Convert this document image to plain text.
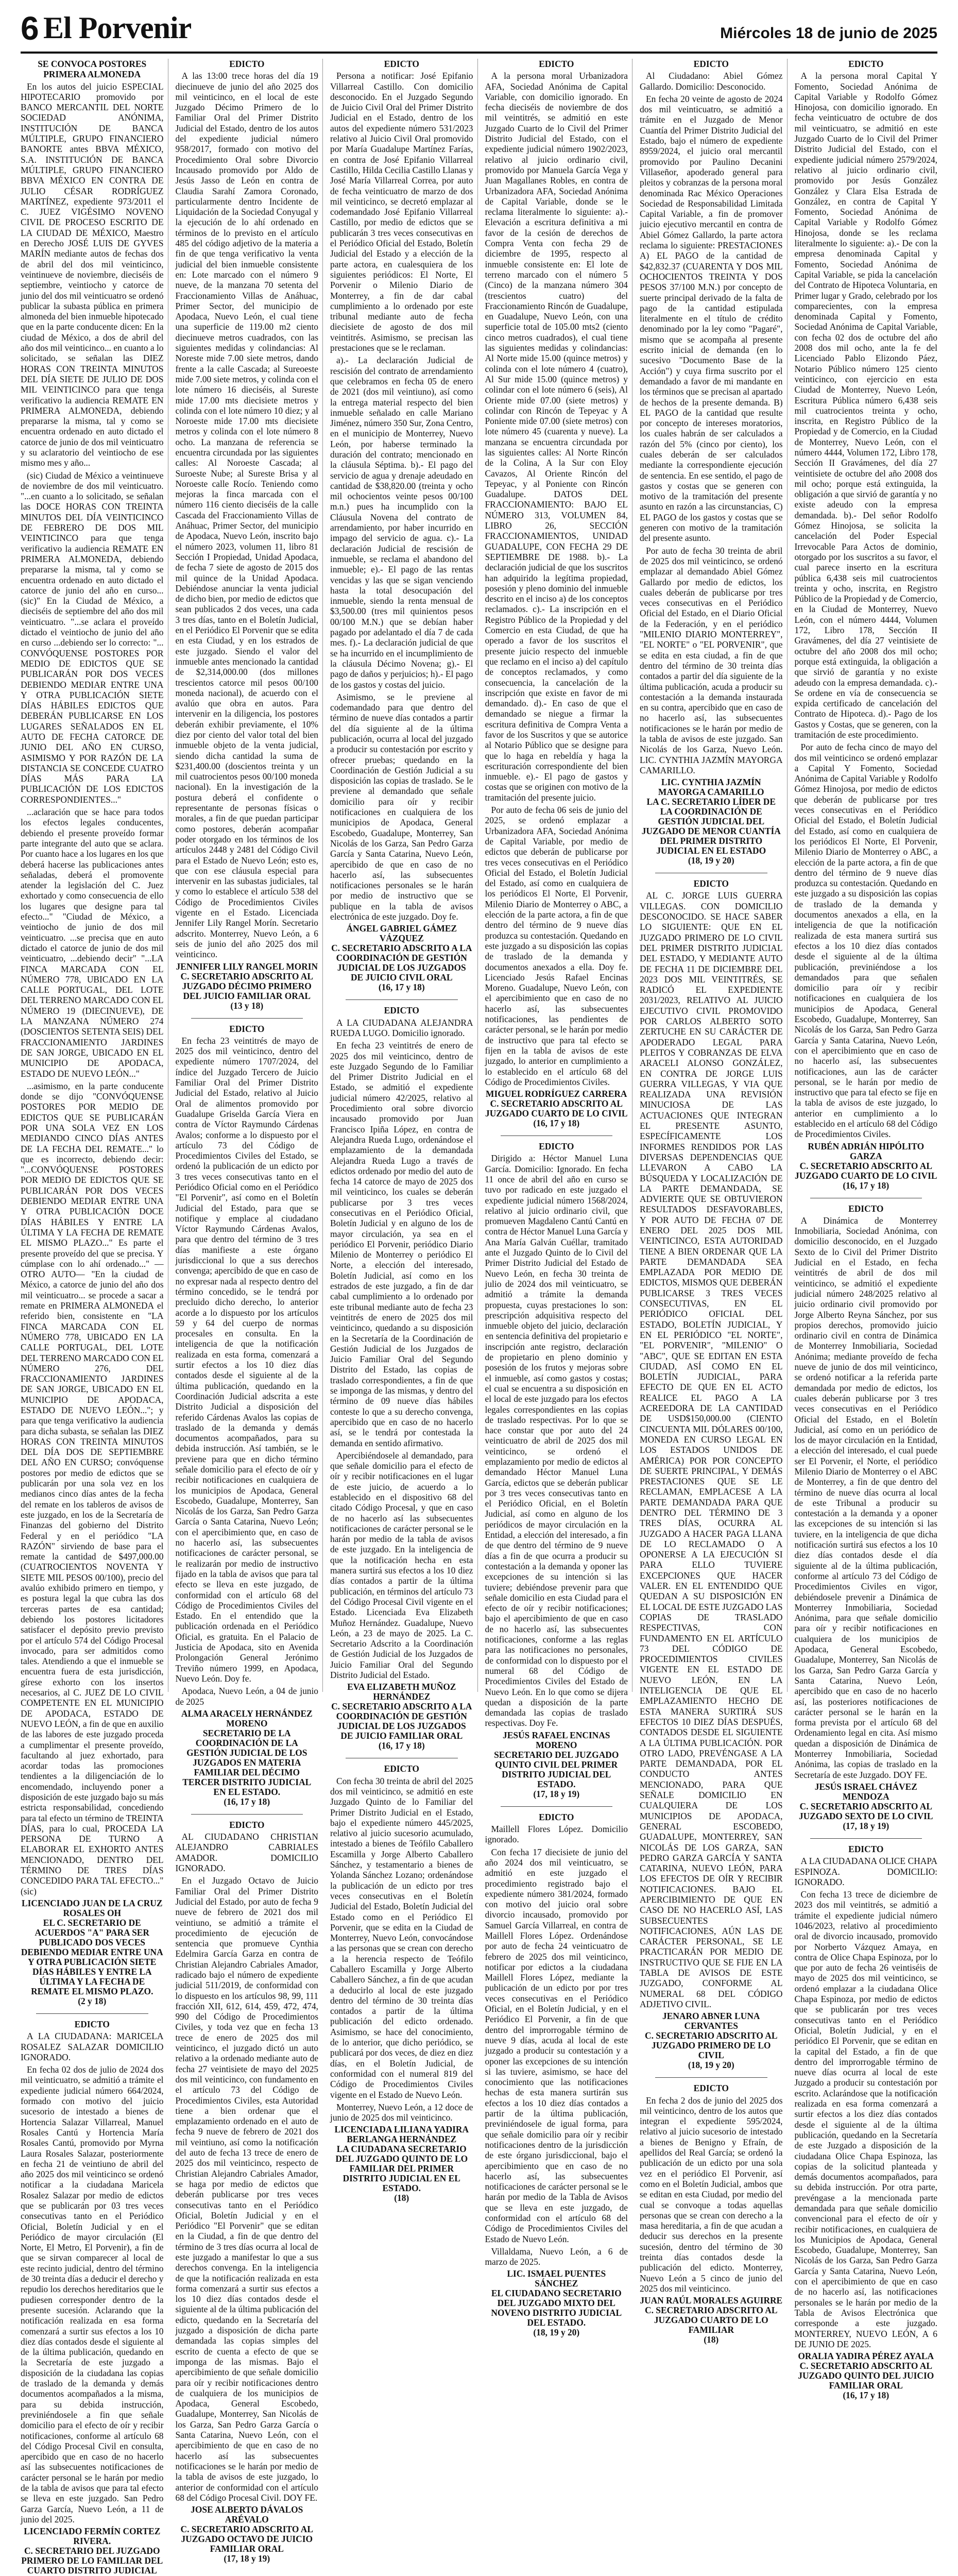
6 El Porvenir	Miércoles 18 de junio de 2025
SE CONVOCA POSTORES PRIMERA ALMONEDA

En los autos del juicio ESPECIAL HIPOTECARIO promovido por BANCO MERCANTIL DEL NORTE SOCIEDAD ANÓNIMA, INSTITUCIÓN DE BANCA MÚLTIPLE, GRUPO FINANCIERO BANORTE antes BBVA MÉXICO, S.A. INSTITUCIÓN DE BANCA MÚLTIPLE, GRUPO FINANCIERO BBVA MÉXICO EN CONTRA DE JULIO CÉSAR RODRÍGUEZ MARTÍNEZ, expediente 973/2011 el C. JUEZ VIGÉSIMO NOVENO CIVIL DE PROCESO ESCRITO DE LA CIUDAD DE MÉXICO, Maestro en Derecho JOSÉ LUIS DE GYVES MARÍN mediante autos de fechas dos de abril del dos mil veinticinco, veintinueve de noviembre, dieciséis de septiembre, veintiocho y catorce de junio del dos mil veinticuatro se ordenó publicar la subasta pública en primera almoneda del bien inmueble hipotecado que en la parte conducente dicen: En la ciudad de México, a dos de abril del año dos mil veinticinco... en cuanto a lo solicitado, se señalan las DIEZ HORAS CON TREINTA MINUTOS DEL DÍA SIETE DE JULIO DE DOS MIL VEINTICINCO para que tenga verificativo la audiencia REMATE EN PRIMERA ALMONEDA, debiendo prepararse la misma, tal y como se encuentra ordenado en auto dictado el catorce de junio de dos mil veinticuatro y su aclaratorio del veintiocho de ese mismo mes y año...

(sic) Ciudad de México a veintinueve de noviembre de dos mil veinticuatro. "...en cuanto a lo solicitado, se señalan las DOCE HORAS CON TREINTA MINUTOS DEL DÍA VEINTICINCO DE FEBRERO DE DOS MIL VEINTICINCO para que tenga verificativo la audiencia REMATE EN PRIMERA ALMONEDA, debiendo prepararse la misma, tal y como se encuentra ordenado en auto dictado el catorce de junio del año en curso...(sic)" En la Ciudad de México, a dieciséis de septiembre del año dos mil veinticuatro. "...se aclara el proveído dictado el veintiocho de junio del año en curso ...debiendo ser lo correcto: "... CONVÓQUENSE POSTORES POR MEDIO DE EDICTOS QUE SE PUBLICARÁN POR DOS VECES DEBIENDO MEDIAR ENTRE UNA Y OTRA PUBLICACIÓN SIETE DÍAS HÁBILES EDICTOS QUE DEBERÁN PUBLICARSE EN LOS LUGARES SEÑALADOS EN EL AUTO DE FECHA CATORCE DE JUNIO DEL AÑO EN CURSO, ASIMISMO Y POR RAZÓN DE LA DISTANCIA SE CONCEDE CUATRO DÍAS MÁS PARA LA PUBLICACIÓN DE LOS EDICTOS CORRESPONDIENTES..."

...aclaración que se hace para todos los efectos legales conducentes, debiendo el presente proveído formar parte integrante del auto que se aclara. Por cuanto hace a los lugares en los que deberá hacerse las publicaciones antes señaladas, deberá el promovente atender la legislación del C. Juez exhortado y como consecuencia de ello los lugares que designe para tal efecto..." "Ciudad de México, a veintiocho de junio de dos mil veinticuatro. ...se precisa que en auto dictado el catorce de junio de dos mil veinticuatro, ...debiendo decir" "...LA FINCA MARCADA CON EL NÚMERO 778, UBICADO EN LA CALLE PORTUGAL, DEL LOTE DEL TERRENO MARCADO CON EL NÚMERO 19 (DIECINUEVE), DE LA MANZANA NÚMERO 274 (DOSCIENTOS SETENTA SEIS) DEL FRACCIONAMIENTO JARDINES DE SAN JORGE, UBICADO EN EL MUNICIPIO DE APODACA, ESTADO DE NUEVO LEÓN..."

...asimismo, en la parte conducente donde se dijo "CONVÓQUENSE POSTORES POR MEDIO DE EDICTOS QUE SE PUBLICARÁN POR UNA SOLA VEZ EN LOS MEDIANDO CINCO DÍAS ANTES DE LA FECHA DEL REMATE..." lo que es incorrecto, debiendo decir: "...CONVÓQUENSE POSTORES POR MEDIO DE EDICTOS QUE SE PUBLICARÁN POR DOS VECES DEBIENDO MEDIAR ENTRE UNA Y OTRA PUBLICACIÓN DOCE DÍAS HÁBILES Y ENTRE LA ÚLTIMA Y LA FECHA DE REMATE EL MISMO PLAZO..." Es parte el presente proveído del que se precisa. Y cúmplase con lo ahí ordenado..." —OTRO AUTO— "En la ciudad de México, a catorce de junio del año dos mil veinticuatro... se procede a sacar a remate en PRIMERA ALMONEDA el referido bien, consistente en "LA FINCA MARCADA CON EL NÚMERO 778, UBICADO EN LA CALLE PORTUGAL, DEL LOTE DEL TERRENO MARCADO CON EL NÚMERO 276, DEL FRACCIONAMIENTO JARDINES DE SAN JORGE, UBICADO EN EL MUNICIPIO DE APODACA, ESTADO DE NUEVO LEÓN..."; y para que tenga verificativo la audiencia para dicha subasta, se señalan las DIEZ HORAS CON TREINTA MINUTOS DEL DÍA DOS DE SEPTIEMBRE DEL AÑO EN CURSO; convóquense postores por medio de edictos que se publicarán por una sola vez en los medianos cinco días antes de la fecha del remate en los tableros de avisos de este juzgado, en los de la Secretaría de Finanzas del gobierno del Distrito Federal y en el periódico "LA RAZÓN" sirviendo de base para el remate la cantidad de $497,000.00 (CUATROCIENTOS NOVENTA Y SIETE MIL PESOS 00/100), precio del avalúo exhibido primero en tiempo, y es postura legal la que cubra las dos terceras partes de esa cantidad; debiendo los postores licitadores satisfacer el depósito previo previsto por el artículo 574 del Código Procesal invocado, para ser admitidos como tales. Atendiendo a que el inmueble se encuentra fuera de esta jurisdicción, gírese exhorto con los insertos necesarios, al C. JUEZ DE LO CIVIL COMPETENTE EN EL MUNICIPIO DE APODACA, ESTADO DE NUEVO LEÓN, a fin de que en auxilio de las labores de este juzgado proceda a cumplimentar el presente proveído, facultando al juez exhortado, para acordar todas las promociones tendientes a la diligenciación de lo encomendado, incluyendo poner a disposición de este juzgado bajo su más estricta responsabilidad, concediendo para tal efecto un término de TREINTA DÍAS, para lo cual, PROCEDA LA PERSONA DE TURNO A ELABORAR EL EXHORTO ANTES MENCIONADO, DENTRO DEL TÉRMINO DE TRES DÍAS CONCEDIDO PARA TAL EFECTO..."(sic)

LICENCIADO JUAN DE LA CRUZ ROSALES OH
EL C. SECRETARIO DE ACUERDOS "A" PARA SER PUBLICADO DOS VECES DEBIENDO MEDIAR ENTRE UNA Y OTRA PUBLICACIÓN SIETE DÍAS HÁBILES Y ENTRE LA ÚLTIMA Y LA FECHA DE REMATE EL MISMO PLAZO.
(2 y 18)
EDICTO

A LA CIUDADANA: MARICELA ROSALEZ SALAZAR DOMICILIO IGNORADO.

En fecha 02 dos de julio de 2024 dos mil veinticuatro, se admitió a trámite el expediente judicial número 664/2024, formado con motivo del juicio sucesorio de intestado a bienes de Hortencia Salazar Villarreal, Manuel Rosales Cantú y Hortencia María Rosales Cantú, promovido por Myrna Laura Rosales Salazar, posteriormente en fecha 21 de veintiuno de abril del año 2025 dos mil veinticinco se ordenó notificar a la ciudadana Maricela Rosalez Salazar por medio de edictos que se publicarán por 03 tres veces consecutivas tanto en el Periódico Oficial, Boletín Judicial y en el Periódico de mayor circulación (El Norte, El Metro, El Porvenir), a fin de que se sirvan comparecer al local de este recinto judicial, dentro del término de 30 treinta días a deducir el derecho y repudio los derechos hereditarios que le pudiesen corresponder dentro de la presente sucesión. Aclarando que la notificación realizada en esa forma comenzará a surtir sus efectos a los 10 diez días contados desde el siguiente al de la última publicación, quedando en la Secretaría de este juzgado a disposición de la ciudadana las copias de traslado de la demanda y demás documentos acompañados a la misma, para su debida instrucción, previniéndosele a fin que señale domicilio para el efecto de oír y recibir notificaciones, conforme al artículo 68 del Código Procesal Civil en consulta, apercibido que en caso de no hacerlo así las subsecuentes notificaciones de carácter personal se le harán por medio de la tabla de avisos que para tal efecto se lleva en este juzgado. San Pedro Garza García, Nuevo León, a 11 de junio del 2025.

LICENCIADO FERMÍN CORTEZ RIVERA.
C. SECRETARIO DEL JUZGADO PRIMERO DE LO FAMILIAR DEL CUARTO DISTRITO JUDICIAL
EDICTO

A las 13:00 trece horas del día 19 diecinueve de junio del año 2025 dos mil veinticinco, en el local de este Juzgado Décimo Primero de lo Familiar Oral del Primer Distrito Judicial del Estado, dentro de los autos del expediente judicial número 958/2017, formado con motivo del Procedimiento Oral sobre Divorcio Incausado promovido por Aldo de Jesús Jasso de León en contra de Claudia Sarahí Zamora Coronado, particularmente dentro Incidente de Liquidación de la Sociedad Conyugal y la ejecución de lo ahí ordenado en términos de lo previsto en el artículo 485 del código adjetivo de la materia a fin de que tenga verificativo la venta judicial del bien inmueble consistente en: Lote marcado con el número 9 nueve, de la manzana 70 setenta del Fraccionamiento Villas de Anáhuac, Primer Sector, del municipio de Apodaca, Nuevo León, el cual tiene una superficie de 119.00 m2 ciento diecinueve metros cuadrados, con las siguientes medidas y colindancias: Al Noreste mide 7.00 siete metros, dando frente a la calle Cascada; al Sureoeste mide 7.00 siete metros, y colinda con el lote número 16 dieciséis, al Sureste mide 17.00 mts diecisiete metros y colinda con el lote número 10 diez; y al Noroeste mide 17.00 mts diecisiete metros y colinda con el lote número 8 ocho. La manzana de referencia se encuentra circundada por las siguientes calles: Al Noroeste Cascada; al Suroeste Nube; al Sureste Brisa y al Noroeste calle Rocío. Teniendo como mejoras la finca marcada con el número 116 ciento dieciséis de la calle Cascada del Fraccionamiento Villas de Anáhuac, Primer Sector, del municipio de Apodaca, Nuevo León, inscrito bajo el número 2023, volumen 11, libro 81 Sección I Propiedad, Unidad Apodaca, de fecha 7 siete de agosto de 2015 dos mil quince de la Unidad Apodaca. Debiéndose anunciar la venta judicial de dicho bien, por medio de edictos que sean publicados 2 dos veces, una cada 3 tres días, tanto en el Boletín Judicial, en el Periódico El Porvenir que se edita en esta Ciudad, y en los estrados de este juzgado. Siendo el valor del inmueble antes mencionado la cantidad de $2,314,000.00 (dos millones trescientos catorce mil pesos 00/100 moneda nacional), de acuerdo con el avalúo que obra en autos. Para intervenir en la diligencia, los postores deberán exhibir previamente, el 10% diez por ciento del valor total del bien inmueble objeto de la venta judicial, siendo dicha cantidad la suma de $231,400.00 (doscientos treinta y un mil cuatrocientos pesos 00/100 moneda nacional). En la investigación de la postura deberá el confidente o representante de personas físicas o morales, a fin de que puedan participar como postores, deberán acompañar poder otorgado en los términos de los artículos 2448 y 2481 del Código Civil para el Estado de Nuevo León; esto es, que con ese cláusula especial para intervenir en las subastas judiciales, tal y como lo establece el artículo 538 del Código de Procedimientos Civiles vigente en el Estado. Licenciada Jennifer Lily Rangel Morín. Secretario adscrito. Monterrey, Nuevo León, a 6 seis de junio del año 2025 dos mil veinticinco.

JENNIFER LILY RANGEL MORIN
C. SECRETARIO ADSCRITO AL JUZGADO DÉCIMO PRIMERO DEL JUICIO FAMILIAR ORAL
(13 y 18)
EDICTO

En fecha 23 veintitrés de mayo de 2025 dos mil veinticinco, dentro del expediente número 1707/2024, del índice del Juzgado Tercero de Juicio Familiar Oral del Primer Distrito Judicial del Estado, relativo al Juicio Oral de alimentos promovido por Guadalupe Griselda García Viera en contra de Víctor Raymundo Cárdenas Avalos; conforme a lo dispuesto por el artículo 73 del Código de Procedimientos Civiles del Estado, se ordenó la publicación de un edicto por 3 tres veces consecutivas tanto en el Periódico Oficial como en el Periódico "El Porvenir", así como en el Boletín Judicial del Estado, para que se notifique y emplace al ciudadano Víctor Raymundo Cárdenas Avalos, para que dentro del término de 3 tres días manifieste a este órgano jurisdiccional lo que a sus derechos convenga; apercibido de que en caso de no expresar nada al respecto dentro del término concedido, se le tendrá por precluido dicho derecho, lo anterior acorde a lo dispuesto por los artículos 59 y 64 del cuerpo de normas procesales en consulta. En la inteligencia de que la notificación realizada en esta forma, comenzará a surtir efectos a los 10 diez días contados desde el siguiente al de la última publicación, quedando en la Coordinación Judicial adscrita a este Distrito Judicial a disposición del referido Cárdenas Avalos las copias de traslado de la demanda y demás documentos acompañados, para su debida instrucción. Así también, se le previene para que en dicho término señale domicilio para el efecto de oír y recibir notificaciones en cualquiera de los municipios de Apodaca, General Escobedo, Guadalupe, Monterrey, San Nicolás de los Garza, San Pedro Garza García o Santa Catarina, Nuevo León; con el apercibimiento que, en caso de no hacerlo así, las subsecuentes notificaciones de carácter personal, se le realizarán por medio de instructivo fijado en la tabla de avisos que para tal efecto se lleva en este juzgado, de conformidad con el artículo 68 del Código de Procedimientos Civiles del Estado. En el entendido que la publicación ordenada en el Periódico Oficial, es gratuita. En el Palacio de Justicia de Apodaca, sito en Avenida Prolongación General Jerónimo Treviño número 1999, en Apodaca, Nuevo León. Doy fe.

Apodaca, Nuevo León, a 04 de junio de 2025

ALMA ARACELY HERNÁNDEZ MORENO
SECRETARIO DE LA COORDINACIÓN DE LA GESTIÓN JUDICIAL DE LOS JUZGADOS EN MATERIA FAMILIAR DEL DÉCIMO TERCER DISTRITO JUDICIAL EN EL ESTADO.
(16, 17 y 18)
EDICTO

AL CIUDADANO CHRISTIAN ALEJANDRO CABRIALES AMADOR. DOMICILIO IGNORADO.

En el Juzgado Octavo de Juicio Familiar Oral del Primer Distrito Judicial del Estado, por auto de fecha 9 nueve de febrero de 2021 dos mil veintiuno, se admitió a trámite el procedimiento de ejecución de sentencia que promueve Cynthia Edelmira García Garza en contra de Christian Alejandro Cabriales Amador, radicado bajo el número de expediente judicial 511/2019, de conformidad con lo dispuesto en los artículos 98, 99, 111 fracción XII, 612, 614, 459, 472, 474, 990 del Código de Procedimientos Civiles, y toda vez que en fecha 13 trece de enero de 2025 dos mil veinticinco, el juzgado dictó un auto relativo a la ordenado mediante auto de fecha 27 veintisiete de mayo del 2025 dos mil veinticinco, con fundamento en el artículo 73 del Código de Procedimientos Civiles, esta Autoridad tiene a bien ordenar que el emplazamiento ordenado en el auto de fecha 9 nueve de febrero de 2021 dos mil veintiuno, así como la notificación del auto de fecha 13 trece de enero de 2025 dos mil veinticinco, respecto de Christian Alejandro Cabriales Amador, se haga por medio de edictos que deberán publicarse por tres veces consecutivas tanto en el Periódico Oficial, Boletín Judicial y en el Periódico "El Porvenir" que se editan en la Ciudad, a fin de que dentro del término de 3 tres días ocurra al local de este juzgado a manifestar lo que a sus derechos convenga. En la inteligencia de que la notificación realizada en esta forma comenzará a surtir sus efectos a los 10 diez días contados desde el siguiente al de la última publicación del edicto, quedando en la Secretaría del juzgado a disposición de dicha parte demandada las copias simples del escrito de cuenta a efecto de que se imponga de las mismas. Bajo el apercibimiento de que señale domicilio para oír y recibir notificaciones dentro de cualquiera de los municipios de Apodaca, General Escobedo, Guadalupe, Monterrey, San Nicolás de los Garza, San Pedro Garza García o Santa Catarina, Nuevo León, con el apercibimiento de que en caso de no hacerlo así las subsecuentes notificaciones se le harán por medio de la tabla de avisos de este juzgado, lo anterior de conformidad con el artículo 68 del Código Procesal Civil. DOY FE.

JOSE ALBERTO DÁVALOS ARÉVALO
C. SECRETARIO ADSCRITO AL JUZGADO OCTAVO DE JUICIO FAMILIAR ORAL
(17, 18 y 19)
EDICTO

Persona a notificar: José Epifanio Villarreal Castillo. Con domicilio desconocido. En el Juzgado Segundo de Juicio Civil Oral del Primer Distrito Judicial en el Estado, dentro de los autos del expediente número 531/2023 relativo al Juicio Civil Oral promovido por María Guadalupe Martínez Farías, en contra de José Epifanio Villarreal Castillo, Hilda Cecilia Castillo Llanas y José María Villarreal Correa, por auto de fecha veinticuatro de marzo de dos mil veinticinco, se decretó emplazar al codemandado José Epifanio Villarreal Castillo, por medio de edictos que se publicarán 3 tres veces consecutivas en el Periódico Oficial del Estado, Boletín Judicial del Estado y a elección de la parte actora, en cualesquiera de los siguientes periódicos: El Norte, El Porvenir o Milenio Diario de Monterrey, a fin de dar cabal cumplimiento a lo ordenado por este tribunal mediante auto de fecha diecisiete de agosto de dos mil veintitrés. Asimismo, se precisan las prestaciones que se le reclaman.

a).- La declaración Judicial de rescisión del contrato de arrendamiento que celebramos en fecha 05 de enero de 2021 (dos mil veintiuno), así como la entrega material respecto del bien inmueble señalado en calle Mariano Jiménez, número 350 Sur, Zona Centro, en el municipio de Monterrey, Nuevo León, por haberse terminado la duración del contrato; mencionado en la cláusula Séptima. b).- El pago del servicio de agua y drenaje adeudado en cantidad de $38,820.00 (treinta y ocho mil ochocientos veinte pesos 00/100 m.n.) pues ha incumplido con la Cláusula Novena del contrato de arrendamiento, por haber incurrido en impago del servicio de agua. c).- La declaración Judicial de rescisión de inmueble, se reclama el abandono del inmueble; e).- El pago de las rentas vencidas y las que se sigan venciendo hasta la total desocupación del inmueble, siendo la renta mensual de $3,500.00 (tres mil quinientos pesos 00/100 M.N.) que se debían haber pagado por adelantado el día 7 de cada mes. f).- La declaración judicial de que se ha incurrido en el incumplimiento de la cláusula Décimo Novena; g).- El pago de daños y perjuicios; h).- El pago de los gastos y costas del juicio.

Asimismo, se le previene al codemandado para que dentro del término de nueve días contados a partir del día siguiente al de la última publicación, ocurra al local del juzgado a producir su contestación por escrito y ofrecer pruebas; quedando en la Coordinación de Gestión Judicial a su disposición las copias de traslado. Se le previene al demandado que señale domicilio para oír y recibir notificaciones en cualquiera de los municipios de Apodaca, General Escobedo, Guadalupe, Monterrey, San Nicolás de los Garza, San Pedro Garza García y Santa Catarina, Nuevo León, apercibido de que en caso de no hacerlo así, las subsecuentes notificaciones personales se le harán por medio de instructivo que se publique en la tabla de avisos electrónica de este juzgado. Doy fe.

ÁNGEL GABRIEL GÁMEZ VÁZQUEZ
C. SECRETARIO ADSCRITO A LA COORDINACIÓN DE GESTIÓN JUDICIAL DE LOS JUZGADOS DE JUICIO CIVIL ORAL
(16, 17 y 18)
EDICTO

A LA CIUDADANA ALEJANDRA RUEDA LUGO. Domicilio ignorado.

En fecha 23 veintitrés de enero de 2025 dos mil veinticinco, dentro de este Juzgado Segundo de lo Familiar del Primer Distrito Judicial en el Estado, se admitió el expediente judicial número 42/2025, relativo al Procedimiento oral sobre divorcio incausado promovido por Juan Francisco Ipiña López, en contra de Alejandra Rueda Lugo, ordenándose el emplazamiento de la demandada Alejandra Rueda Lugo a través de edictos ordenado por medio del auto de fecha 14 catorce de mayo de 2025 dos mil veinticinco, los cuales se deberán publicarse por 3 tres veces consecutivas en el Periódico Oficial, Boletín Judicial y en alguno de los de mayor circulación, ya sea en el periódico El Porvenir, periódico Diario Milenio de Monterrey o periódico El Norte, a elección del interesado, Boletín Judicial, así como en los estrados de este juzgado, a fin de dar cabal cumplimiento a lo ordenado por este tribunal mediante auto de fecha 23 veintitrés de enero de 2025 dos mil veinticinco, quedando a su disposición en la Secretaría de la Coordinación de Gestión Judicial de los Juzgados de Juicio Familiar Oral del Segundo Distrito del Estado, las copias de traslado correspondientes, a fin de que se imponga de las mismas, y dentro del término de 09 nueve días hábiles conteste lo que a su derecho convenga, apercibido que en caso de no hacerlo así, se le tendrá por contestada la demanda en sentido afirmativo.

Apercibiéndosele al demandado, para que señale domicilio para el efecto de oír y recibir notificaciones en el lugar de este juicio, de acuerdo a lo establecido en el dispositivo 68 del citado Código Procesal, y que en caso de no hacerlo así las subsecuentes notificaciones de carácter personal se le harán por medio de la tabla de avisos de este juzgado. En la inteligencia de que la notificación hecha en esta manera surtirá sus efectos a los 10 diez días contados a partir de la última publicación, en términos del artículo 73 del Código Procesal Civil vigente en el Estado. Licenciada Eva Elizabeth Muñoz Hernández. Guadalupe, Nuevo León, a 23 de mayo de 2025. La C. Secretario Adscrito a la Coordinación de Gestión Judicial de los Juzgados de Juicio Familiar Oral del Segundo Distrito Judicial del Estado.

EVA ELIZABETH MUÑOZ HERNÁNDEZ
C. SECRETARIO ADSCRITO A LA COORDINACIÓN DE GESTIÓN JUDICIAL DE LOS JUZGADOS DE JUICIO FAMILIAR ORAL
(16, 17 y 18)
EDICTO

Con fecha 30 treinta de abril del 2025 dos mil veinticinco, se admitió en este Juzgado Quinto de lo Familiar del Primer Distrito Judicial en el Estado, bajo el expediente número 445/2025, relativo al juicio sucesorio acumulado, intestado a bienes de Teófilo Caballero Escamilla y Jorge Alberto Caballero Sánchez, y testamentario a bienes de Yolanda Sánchez Lozano; ordenándose la publicación de un edicto por tres veces consecutivas en el Boletín Judicial del Estado, Boletín Judicial del Estado como en el Periódico El Porvenir, que se edita en la Ciudad de Monterrey, Nuevo León, convocándose a las personas que se crean con derecho a la herencia respecto de Teófilo Caballero Escamilla y Jorge Alberto Caballero Sánchez, a fin de que acudan a deducirlo al local de este juzgado dentro del término de 30 treinta días contados a partir de la última publicación del edicto ordenado. Asimismo, se hace del conocimiento, de lo anterior, que dicho periódico, se publicará por dos veces, de diez en diez días, en el Boletín Judicial, de conformidad con el numeral 819 del Código de Procedimientos Civiles vigente en el Estado de Nuevo León.

Monterrey, Nuevo León, a 12 doce de junio de 2025 dos mil veinticinco.

LICENCIADA LILIANA YADIRA BERLANGA HERNÁNDEZ
LA CIUDADANA SECRETARIO DEL JUZGADO QUINTO DE LO FAMILIAR DEL PRIMER DISTRITO JUDICIAL EN EL ESTADO.
(18)
EDICTO

A la persona moral Urbanizadora AFA, Sociedad Anónima de Capital Variable, con domicilio ignorado. En fecha dieciséis de noviembre de dos mil veintitrés, se admitió en este Juzgado Cuarto de lo Civil del Primer Distrito Judicial del Estado, con el expediente judicial número 1902/2023, relativo al juicio ordinario civil, promovido por Manuela García Vega y Juan Magallanes Robles, en contra de Urbanizadora AFA, Sociedad Anónima de Capital Variable, donde se le reclama literalmente lo siguiente: a).- Elevación a escritura definitiva a mi favor de la cesión de derechos de Compra Venta con fecha 29 de diciembre de 1995, respecto al inmueble consistente en: El lote de terreno marcado con el número 5 (Cinco) de la manzana número 304 (trescientos cuatro) del Fraccionamiento Rincón de Guadalupe, en Guadalupe, Nuevo León, con una superficie total de 105.00 mts2 (ciento cinco metros cuadrados), el cual tiene las siguientes medidas y colindancias: Al Norte mide 15.00 (quince metros) y colinda con el lote número 4 (cuatro), Al Sur mide 15.00 (quince metros) y colindar con el lote número 6 (seis), Al Oriente mide 07.00 (siete metros) y colindar con Rincón de Tepeyac y A Poniente mide 07.00 (siete metros) con lote número 45 (cuarenta y nueve). La manzana se encuentra circundada por las siguientes calles: Al Norte Rincón de la Colina, A la Sur con Eloy Cavazos, Al Oriente Rincón del Tepeyac, y al Poniente con Rincón Guadalupe. DATOS DEL FRACCIONAMIENTO: BAJO EL NÚMERO 313, VOLUMEN 84, LIBRO 26, SECCIÓN FRACCIONAMIENTOS, UNIDAD GUADALUPE, CON FECHA 29 DE SEPTIEMBRE DE 1988. b).- La declaración judicial de que los suscritos han adquirido la legítima propiedad, posesión y pleno dominio del inmueble descrito en el inciso a) de los conceptos reclamados. c).- La inscripción en el Registro Público de la Propiedad y del Comercio en esta Ciudad, de que ha operado a favor de los suscritos el presente juicio respecto del inmueble que reclamo en el inciso a) del capítulo de conceptos reclamados, y como consecuencia, la cancelación de la inscripción que existe en favor de mi demandado. d).- En caso de que el demandado se niegue a firmar la escritura definitiva de Compra Venta a favor de los Suscritos y que se autorice al Notario Público que se designe para que lo haga en rebeldía y haga la escrituración correspondiente del bien inmueble. e).- El pago de gastos y costas que se originen con motivo de la tramitación del presente juicio.

Por auto de fecha 06 seis de junio del 2025, se ordenó emplazar a Urbanizadora AFA, Sociedad Anónima de Capital Variable, por medio de edictos que deberán de publicarse por tres veces consecutivas en el Periódico Oficial del Estado, el Boletín Judicial del Estado, así como en cualquiera de los periódicos El Norte, El Porvenir, Milenio Diario de Monterrey o ABC, a elección de la parte actora, a fin de que dentro del término de 9 nueve días produzca su contestación. Quedando en este juzgado a su disposición las copias de traslado de la demanda y documentos anexados a ella. Doy fe. Licenciado Jesús Rafael Encinas Moreno. Guadalupe, Nuevo León, con el apercibimiento que en caso de no hacerlo así, las subsecuentes notificaciones, las pendientes de carácter personal, se le harán por medio de instructivo que para tal efecto se fijen en la tabla de avisos de este juzgado, lo anterior en cumplimiento a lo establecido en el artículo 68 del Código de Procedimientos Civiles.

MIGUEL RODRÍGUEZ CARRERA
C. SECRETARIO ADSCRITO AL JUZGADO CUARTO DE LO CIVIL
(16, 17 y 18)
EDICTO

Dirigido a: Héctor Manuel Luna García. Domicilio: Ignorado. En fecha 11 once de abril del año en curso se tuvo por radicado en este juzgado el expediente judicial número 1568/2024, relativo al juicio ordinario civil, que promueven Magdaleno Cantú Cantú en contra de Héctor Manuel Luna García y Ana María Galván Cuéllar, tramitado ante el Juzgado Quinto de lo Civil del Primer Distrito Judicial del Estado de Nuevo León, en fecha 30 treinta de julio de 2024 dos mil veinticuatro, se admitió a trámite la demanda propuesta, cuyas prestaciones lo son: prescripción adquisitiva respecto del inmueble objeto del juicio, declaración en sentencia definitiva del propietario e inscripción ante registro, declaración de propietario en pleno dominio y posesión de los frutos y mejoras sobre el inmueble, así como gastos y costas; el cual se encuentra a su disposición en el local de este juzgado para los efectos legales correspondientes en las copias de traslado respectivas. Por lo que se hace constar que por auto del 24 veinticuatro de abril de 2025 dos mil veinticinco, se ordenó el emplazamiento por medio de edictos al demandado Héctor Manuel Luna García, edictos que se deberán publicar por 3 tres veces consecutivas tanto en el Periódico Oficial, en el Boletín Judicial, así como en alguno de los periódicos de mayor circulación en la Entidad, a elección del interesado, a fin de que dentro del término de 9 nueve días a fin de que ocurra a producir su contestación a la demanda y oponer las excepciones de su intención si las tuviere; debiéndose prevenir para que señale domicilio en esta Ciudad para el efecto de oír y recibir notificaciones; bajo el apercibimiento de que en caso de no hacerlo así, las subsecuentes notificaciones, conforme a las reglas para las notificaciones no personales, de conformidad con lo dispuesto por el numeral 68 del Código de Procedimientos Civiles del Estado de Nuevo León. En lo que como se dijera quedan a disposición de la parte demandada las copias de traslado respectivas. Doy Fe.

JESÚS RAFAEL ENCINAS MORENO
SECRETARIO DEL JUZGADO QUINTO CIVIL DEL PRIMER DISTRITO JUDICIAL DEL ESTADO.
(17, 18 y 19)
EDICTO

Maillell Flores López. Domicilio ignorado.

Con fecha 17 diecisiete de junio del año 2024 dos mil veinticuatro, se admitió en este juzgado el procedimiento registrado bajo el expediente número 381/2024, formado con motivo del juicio oral sobre divorcio incausado, promovido por Samuel García Villarreal, en contra de Maillell Flores López. Ordenándose por auto de fecha 24 veinticuatro de febrero de 2025 dos mil veinticinco, notificar por edictos a la ciudadana Maillell Flores López, mediante la publicación de un edicto por por tres veces consecutivas en el Periódico Oficial, en el Boletín Judicial, y en el Periódico El Porvenir, a fin de que dentro del improrrogable término de nueve 9 días, acuda al local de este juzgado a producir su contestación y a oponer las excepciones de su intención si las tuviere, asimismo, se hace del conocimiento que las notificaciones hechas de esta manera surtirán sus efectos a los 10 diez días contados a partir de la última publicación, previniéndosele de igual forma, para que señale domicilio para oír y recibir notificaciones dentro de la jurisdicción de este órgano jurisdiccional, bajo el apercibimiento que en caso de no hacerlo así, las subsecuentes notificaciones de carácter personal se le harán por medio de la Tabla de Avisos que se lleva en este juzgado, de conformidad con el artículo 68 del Código de Procedimientos Civiles del Estado de Nuevo León.

Villaldama, Nuevo León, a 6 de marzo de 2025.

LIC. ISMAEL PUENTES SÁNCHEZ
EL CIUDADANO SECRETARIO DEL JUZGADO MIXTO DEL NOVENO DISTRITO JUDICIAL DEL ESTADO.
(18, 19 y 20)
EDICTO

Al Ciudadano: Abiel Gómez Gallardo. Domicilio: Desconocido.

En fecha 20 veinte de agosto de 2024 dos mil veinticuatro, se admitió a trámite en el Juzgado de Menor Cuantía del Primer Distrito Judicial del Estado, bajo el número de expediente 8959/2024, el juicio oral mercantil promovido por Paulino Decanini Villaseñor, apoderado general para pleitos y cobranzas de la persona moral denominada Rac México Operaciones Sociedad de Responsabilidad Limitada Capital Variable, a fin de promover juicio ejecutivo mercantil en contra de Abiel Gómez Gallardo, la parte actora reclama lo siguiente: PRESTACIONES A) EL PAGO de la cantidad de $42,832.37 (CUARENTA Y DOS MIL OCHOCIENTOS TREINTA Y DOS PESOS 37/100 M.N.) por concepto de suerte principal derivado de la falta de pago de la cantidad estipulada literalmente en el título de crédito denominado por la ley como "Pagaré", mismo que se acompaña al presente escrito inicial de demanda (en lo sucesivo "Documento Base de la Acción") y cuya firma suscrito por el demandado a favor de mi mandante en los términos que se precisan al apartado de hechos de la presente demanda. B) EL PAGO de la cantidad que resulte por concepto de intereses moratorios, los cuales habrán de ser calculados a razón del 5% (cinco por ciento), los cuales deberán de ser calculados mediante la correspondiente ejecución de sentencia. En ese sentido, el pago de gastos y costas que se generen con motivo de la tramitación del presente asunto en razón a las circunstancias, C) EL PAGO de los gastos y costas que se generen con motivo de la tramitación del presente asunto.

Por auto de fecha 30 treinta de abril de 2025 dos mil veinticinco, se ordenó emplazar al demandado Abiel Gómez Gallardo por medio de edictos, los cuales deberán de publicarse por tres veces consecutivas en el Periódico Oficial del Estado, en el Diario Oficial de la Federación, y en el periódico "MILENIO DIARIO MONTERREY", "EL NORTE" o "EL PORVENIR", que se edita en esta ciudad, a fin de que dentro del término de 30 treinta días contados a partir del día siguiente de la última publicación, acuda a producir su contestación a la demanda instaurada en su contra, apercibido que en caso de no hacerlo así, las subsecuentes notificaciones se le harán por medio de la tabla de avisos de este juzgado. San Nicolás de los Garza, Nuevo León. LIC. CYNTHIA JAZMÍN MAYORGA CAMARILLO.

LIC. CYNTHIA JAZMÍN MAYORGA CAMARILLO
LA C. SECRETARIO LÍDER DE LA COORDINACIÓN DE GESTIÓN JUDICIAL DEL JUZGADO DE MENOR CUANTÍA DEL PRIMER DISTRITO JUDICIAL EN EL ESTADO
(18, 19 y 20)
EDICTO

AL C. JORGE LUIS GUERRA VILLEGAS. CON DOMICILIO DESCONOCIDO. SE HACE SABER LO SIGUIENTE: QUE EN EL JUZGADO PRIMERO DE LO CIVIL DEL PRIMER DISTRITO JUDICIAL DEL ESTADO, Y MEDIANTE AUTO DE FECHA 11 DE DICIEMBRE DEL 2023 DOS MIL VEINTITRÉS, SE RADICÓ EL EXPEDIENTE 2031/2023, RELATIVO AL JUICIO EJECUTIVO CIVIL PROMOVIDO POR CARLOS ALBERTO SOTO ZERTUCHE EN SU CARÁCTER DE APODERADO LEGAL PARA PLEITOS Y COBRANZAS DE ELVA ARACELI ALONSO GONZÁLEZ, EN CONTRA DE JORGE LUIS GUERRA VILLEGAS, Y VIA QUE REALIZADA UNA REVISIÓN MINUCIOSA DE LAS ACTUACIONES QUE INTEGRAN EL PRESENTE ASUNTO, ESPECÍFICAMENTE LOS INFORMES RENDIDOS POR LAS DIVERSAS DEPENDENCIAS QUE LLEVARON A CABO LA BÚSQUEDA Y LOCALIZACIÓN DE LA PARTE DEMANDADA, SE ADVIERTE QUE SE OBTUVIERON RESULTADOS DESFAVORABLES, Y POR AUTO DE FECHA 07 DE ENERO DEL 2025 DOS MIL VEINTICINCO, ESTA AUTORIDAD TIENE A BIEN ORDENAR QUE LA PARTE DEMANDADA SEA EMPLAZADA POR MEDIO DE EDICTOS, MISMOS QUE DEBERÁN PUBLICARSE 3 TRES VECES CONSECUTIVAS, EN EL PERIÓDICO OFICIAL DEL ESTADO, BOLETÍN JUDICIAL, Y EN EL PERIÓDICO "EL NORTE", "EL PORVENIR", "MILENIO" O "ABC", QUE SE EDITAN EN ESTA CIUDAD, ASÍ COMO EN EL BOLETÍN JUDICIAL, PARA EFECTO DE QUE EN EL ACTO REALICE EL PAGO A LA ACREEDORA DE LA CANTIDAD DE USD$150,000.00 (CIENTO CINCUENTA MIL DÓLARES 00/100, MONEDA EN CURSO LEGAL EN LOS ESTADOS UNIDOS DE AMÉRICA) POR POR CONCEPTO DE SUERTE PRINCIPAL, Y DEMÁS PRESTACIONES QUE SE LE RECLAMAN, EMPLACESE A LA PARTE DEMANDADA PARA QUE DENTRO DEL TÉRMINO DE 3 TRES DÍAS, OCURRA AL JUZGADO A HACER PAGA LLANA DE LO RECLAMADO O A OPONERSE A LA EJECUCIÓN SI PARA ELLO TUVIERE EXCEPCIONES QUE HACER VALER. EN EL ENTENDIDO QUE QUEDAN A SU DISPOSICIÓN EN EL LOCAL DE ESTE JUZGADO LAS COPIAS DE TRASLADO RESPECTIVAS, CON FUNDAMENTO EN EL ARTÍCULO 73 DEL CÓDIGO DE PROCEDIMIENTOS CIVILES VIGENTE EN EL ESTADO DE NUEVO LEÓN, EN LA INTELIGENCIA DE QUE EL EMPLAZAMIENTO HECHO DE ESTA MANERA SURTIRÁ SUS EFECTOS 10 DIEZ DÍAS DESPUÉS, CONTADOS DESDE EL SIGUIENTE A LA ÚLTIMA PUBLICACIÓN. POR OTRO LADO, PREVÉNGASE A LA PARTE DEMANDADA, POR EL CONDUCTO ANTES MENCIONADO, PARA QUE SEÑALE DOMICILIO EN CUALQUIERA DE LOS MUNICIPIOS DE APODACA, GENERAL ESCOBEDO, GUADALUPE, MONTERREY, SAN NICOLÁS DE LOS GARZA, SAN PEDRO GARZA GARCÍA Y SANTA CATARINA, NUEVO LEÓN, PARA LOS EFECTOS DE OÍR Y RECIBIR NOTIFICACIONES. BAJO EL APERCIBIMIENTO DE QUE EN CASO DE NO HACERLO ASÍ, LAS SUBSECUENTES NOTIFICACIONES, AÚN LAS DE CARÁCTER PERSONAL, SE LE PRACTICARÁN POR MEDIO DE INSTRUCTIVO QUE SE FIJE EN LA TABLA DE AVISOS DE ESTE JUZGADO, CONFORME AL NUMERAL 68 DEL CÓDIGO ADJETIVO CIVIL.

JENARO ABNER LUNA CERVANTES
C. SECRETARIO ADSCRITO AL JUZGADO PRIMERO DE LO CIVIL
(18, 19 y 20)
EDICTO

En fecha 2 dos de junio del 2025 dos mil veinticinco, dentro de los autos que integran el expediente 595/2024, relativo al juicio sucesorio de intestado a bienes de Benigno y Efraín, de apellidos del Real García; se ordenó la publicación de un edicto por una sola vez en el periódico El Porvenir, así como en el Boletín Judicial, ambos que se editan en esta Ciudad, por medio del cual se convoque a todas aquellas personas que se crean con derecho a la masa hereditaria, a fin de que acudan a deducir sus derechos en la presente sucesión, dentro del término de 30 treinta días contados desde la publicación del edicto. Monterrey, Nuevo León a 5 cinco de junio del 2025 dos mil veinticinco.

JUAN RAÚL MORALES AGUIRRE
C. SECRETARIO ADSCRITO AL JUZGADO CUARTO DE LO FAMILIAR
(18)
EDICTO

A la persona moral Capital Y Fomento, Sociedad Anónima de Capital Variable y Rodolfo Gómez Hinojosa, con domicilio ignorado. En fecha veinticuatro de octubre de dos mil veinticuatro, se admitió en este Juzgado Cuarto de lo Civil del Primer Distrito Judicial del Estado, con el expediente judicial número 2579/2024, relativo al juicio ordinario civil, promovido por Jesús González González y Clara Elsa Estrada de González, en contra de Capital Y Fomento, Sociedad Anónima de Capital Variable y Rodolfo Gómez Hinojosa, donde se les reclama literalmente lo siguiente: a).- De con la empresa denominada Capital y Fomento, Sociedad Anónima de Capital Variable, se pida la cancelación del Contrato de Hipoteca Voluntaria, en Primer lugar y Grado, celebrado por los comparecientes, con la empresa denominada Capital y Fomento, Sociedad Anónima de Capital Variable, con fecha 02 dos de octubre del año 2008 dos mil ocho, ante la fe del Licenciado Pablo Elizondo Páez, Notario Público número 125 ciento veinticinco, con ejercicio en esta Ciudad de Monterrey, Nuevo León, Escritura Pública número 6,438 seis mil cuatrocientos treinta y ocho, inscrita, en Registro Público de la Propiedad y de Comercio, en la Ciudad de Monterrey, Nuevo León, con el número 4444, Volumen 172, Libro 178, Sección II Gravámenes, del día 27 veintisiete de octubre del año 2008 dos mil ocho; porque está extinguida, la obligación a que sirvió de garantía y no existe adeudo con la empresa demandada. b).- Del señor Rodolfo Gómez Hinojosa, se solicita la cancelación del Poder Especial Irrevocable Para Actos de dominio, otorgado por los suscritos a su favor, el cual parece inserto en la escritura pública 6,438 seis mil cuatrocientos treinta y ocho, inscrita, en Registro Público de la Propiedad y de Comercio, en la Ciudad de Monterrey, Nuevo León, con el número 4444, Volumen 172, Libro 178, Sección II Gravámenes, del día 27 veintisiete de octubre del año 2008 dos mil ocho; porque está extinguida, la obligación a que sirvió de garantía y no existe adeudo con la empresa demandada. c).- Se ordene en vía de consecuencia se expida certificado de cancelación del Contrato de Hipoteca. d).- Pago de los Gastos y Costas, que se generen, con la tramitación de este procedimiento.

Por auto de fecha cinco de mayo del dos mil veinticinco se ordenó emplazar a Capital Y Fomento, Sociedad Anónima de Capital Variable y Rodolfo Gómez Hinojosa, por medio de edictos que deberán de publicarse por tres veces consecutivas en el Periódico Oficial del Estado, el Boletín Judicial del Estado, así como en cualquiera de los periódicos El Norte, El Porvenir, Milenio Diario de Monterrey o ABC, a elección de la parte actora, a fin de que dentro del término de 9 nueve días produzca su contestación. Quedando en este juzgado a su disposición las copias de traslado de la demanda y documentos anexados a ella, en la inteligencia de que la notificación realizada de esta manera surtirá sus efectos a los 10 diez días contados desde el siguiente al de la última publicación, previniéndose a los demandados para que señalen domicilio para oír y recibir notificaciones en cualquiera de los municipios de Apodaca, General Escobedo, Guadalupe, Monterrey, San Nicolás de los Garza, San Pedro Garza García y Santa Catarina, Nuevo León, con el apercibimiento que en caso de no hacerlo así, las subsecuentes notificaciones, aun las de carácter personal, se le harán por medio de instructivo que para tal efecto se fije en la tabla de avisos de este juzgado, lo anterior en cumplimiento a lo establecido en el artículo 68 del Código de Procedimientos Civiles.

RUBÉN ADRIÁN HIPÓLITO GARZA
C. SECRETARIO ADSCRITO AL JUZGADO CUARTO DE LO CIVIL
(16, 17 y 18)
EDICTO

A Dinámica de Monterrey Inmobiliaria, Sociedad Anónima, con domicilio desconocido, en el Juzgado Sexto de lo Civil del Primer Distrito Judicial en el Estado, en fecha veintitrés de abril de dos mil veinticinco, se admitió el expediente judicial número 248/2025 relativo al juicio ordinario civil promovido por Jorge Alberto Reyna Sánchez, por sus propios derechos, promovido juicio ordinario civil en contra de Dinámica de Monterrey Inmobiliaria, Sociedad Anónima; mediante proveído de fecha nueve de junio de dos mil veinticinco, se ordenó notificar a la referida parte demandada por medio de edictos, los cuales deberán publicarse por 3 tres veces consecutivas en el Periódico Oficial del Estado, en el Boletín Judicial, así como en un periódico de los de mayor circulación en la Entidad, a elección del interesado, el cual puede ser El Porvenir, el Norte, el periódico Milenio Diario de Monterrey o el ABC de Monterrey, a fin de que dentro del término de nueve días ocurra al local de este Tribunal a producir su contestación a la demanda y a oponer las excepciones de su intención si las tuviere, en la inteligencia de que dicha notificación surtirá sus efectos a los 10 diez días contados desde el día siguiente al de la última publicación, conforme al artículo 73 del Código de Procedimientos Civiles en vigor, debiéndosele prevenir a Dinámica de Monterrey Inmobiliaria, Sociedad Anónima, para que señale domicilio para oír y recibir notificaciones en cualquiera de los municipios de Apodaca, General Escobedo, Guadalupe, Monterrey, San Nicolás de los Garza, San Pedro Garza García y Santa Catarina, Nuevo León, apercibido que en caso de no hacerlo así, las posteriores notificaciones de carácter personal se le harán en la forma prevista por el artículo 68 del Ordenamiento legal en cita. Así mismo quedan a disposición de Dinámica de Monterrey Inmobiliaria, Sociedad Anónima, las copias de traslado en la Secretaría de este Juzgado. DOY FE.

JESÚS ISRAEL CHÁVEZ MENDOZA
C. SECRETARIO ADSCRITO AL JUZGADO SEXTO DE LO CIVIL
(17, 18 y 19)
EDICTO

A LA CIUDADANA OLICE CHAPA ESPINOZA. DOMICILIO: IGNORADO.

Con fecha 13 trece de diciembre de 2023 dos mil veintitrés, se admitió a trámite el expediente judicial número 1046/2023, relativo al procedimiento oral de divorcio incausado, promovido por Norberto Vázquez Amaya, en contra de Olice Chapa Espinoza, por lo que por auto de fecha 26 veintiséis de mayo de 2025 dos mil veinticinco, se ordenó emplazar a la ciudadana Olice Chapa Espinoza, por medio de edictos que se publicarán por tres veces consecutivas tanto en el Periódico Oficial, Boletín Judicial, y en el periódico El Porvenir, que se editan en la capital del Estado, a fin de que dentro del improrrogable término de nueve días ocurra al local de este Juzgado a producir su contestación por escrito. Aclarándose que la notificación realizada en esa forma comenzará a surtir efectos a los diez días contados desde el siguiente al de la última publicación, quedando en la Secretaría de este Juzgado a disposición de la ciudadana Olice Chapa Espinoza, las copias de la solicitud planteada y demás documentos acompañados, para su debida instrucción. Por otra parte, prevéngase a la mencionada parte demandada para que señale domicilio convencional para el efecto de oír y recibir notificaciones, en cualquiera de los Municipios de Apodaca, General Escobedo, Guadalupe, Monterrey, San Nicolás de los Garza, San Pedro Garza García y Santa Catarina, Nuevo León, con el apercibimiento de que en caso de no hacerlo así, las notificaciones personales se le harán por medio de la Tabla de Avisos Electrónica que corresponde a este juzgado. MONTERREY, NUEVO LEÓN, A 6 DE JUNIO DE 2025.

ORALIA YADIRA PÉREZ AYALA
C. SECRETARIO ADSCRITO AL JUZGADO QUINTO DEL JUICIO FAMILIAR ORAL
(16, 17 y 18)
